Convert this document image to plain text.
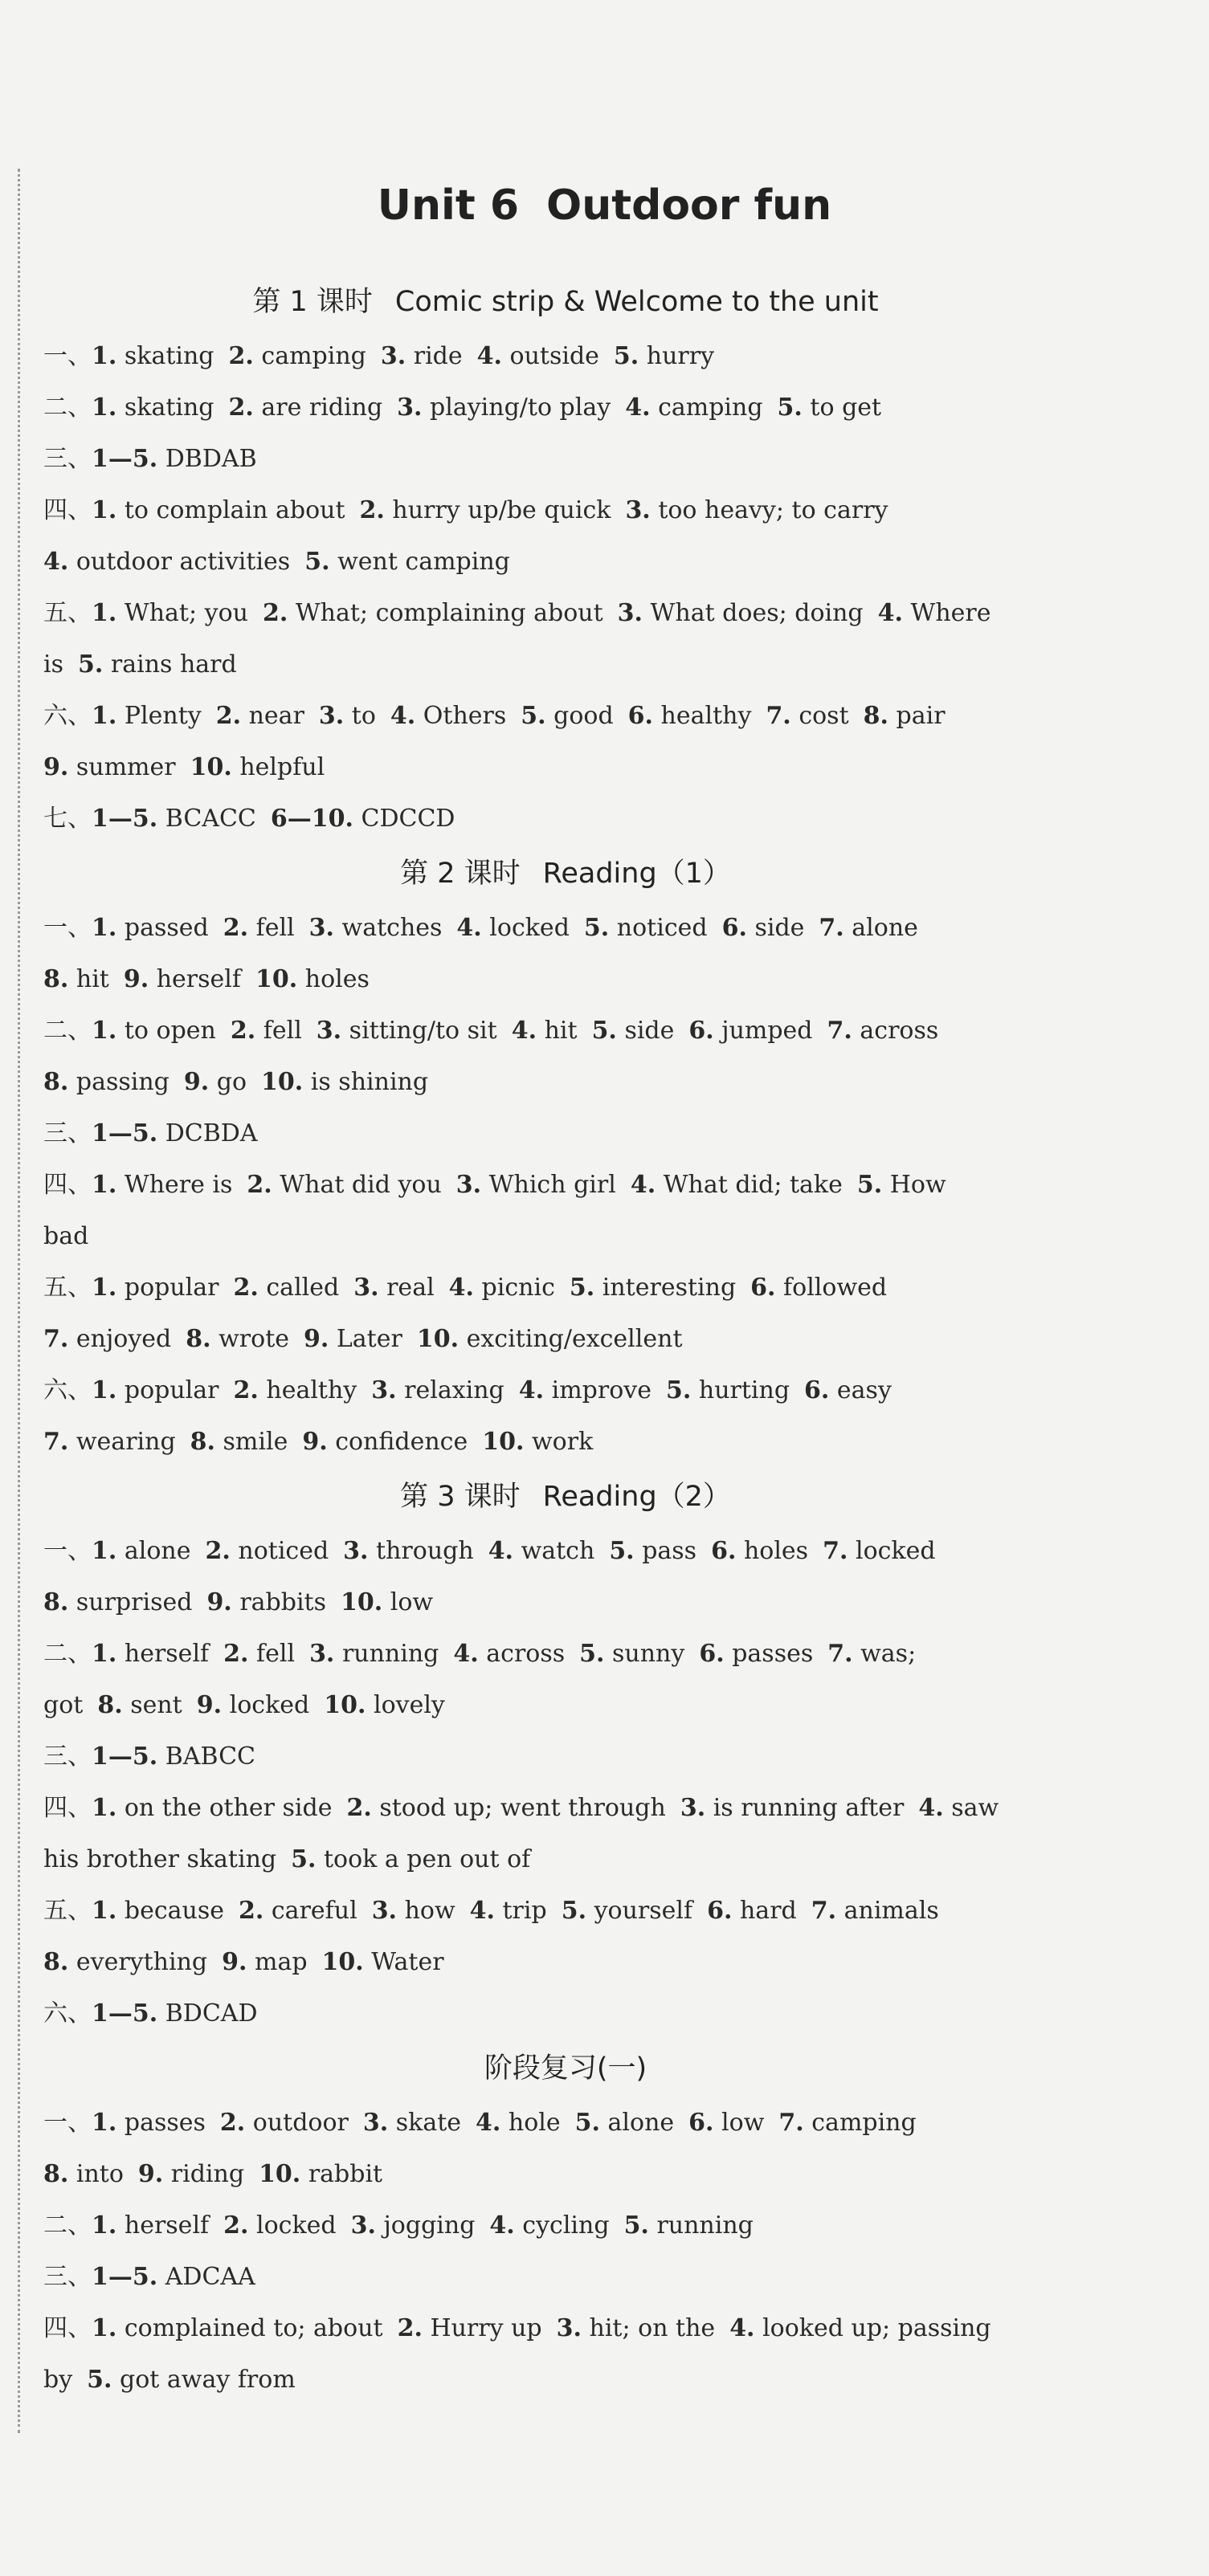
Unit 6 Outdoor fun
第 1 课时 Comic strip & Welcome to the unit
一、1. skating 2. camping 3. ride 4. outside 5. hurry
二、1. skating 2. are riding 3. playing/to play 4. camping 5. to get
三、1—5. DBDAB
四、1. to complain about 2. hurry up/be quick 3. too heavy; to carry
4. outdoor activities 5. went camping
五、1. What; you 2. What; complaining about 3. What does; doing 4. Where
is 5. rains hard
六、1. Plenty 2. near 3. to 4. Others 5. good 6. healthy 7. cost 8. pair
9. summer 10. helpful
七、1—5. BCACC 6—10. CDCCD
第 2 课时 Reading（1）
一、1. passed 2. fell 3. watches 4. locked 5. noticed 6. side 7. alone
8. hit 9. herself 10. holes
二、1. to open 2. fell 3. sitting/to sit 4. hit 5. side 6. jumped 7. across
8. passing 9. go 10. is shining
三、1—5. DCBDA
四、1. Where is 2. What did you 3. Which girl 4. What did; take 5. How
bad
五、1. popular 2. called 3. real 4. picnic 5. interesting 6. followed
7. enjoyed 8. wrote 9. Later 10. exciting/excellent
六、1. popular 2. healthy 3. relaxing 4. improve 5. hurting 6. easy
7. wearing 8. smile 9. confidence 10. work
第 3 课时 Reading（2）
一、1. alone 2. noticed 3. through 4. watch 5. pass 6. holes 7. locked
8. surprised 9. rabbits 10. low
二、1. herself 2. fell 3. running 4. across 5. sunny 6. passes 7. was;
got 8. sent 9. locked 10. lovely
三、1—5. BABCC
四、1. on the other side 2. stood up; went through 3. is running after 4. saw
his brother skating 5. took a pen out of
五、1. because 2. careful 3. how 4. trip 5. yourself 6. hard 7. animals
8. everything 9. map 10. Water
六、1—5. BDCAD
阶段复习(一)
一、1. passes 2. outdoor 3. skate 4. hole 5. alone 6. low 7. camping
8. into 9. riding 10. rabbit
二、1. herself 2. locked 3. jogging 4. cycling 5. running
三、1—5. ADCAA
四、1. complained to; about 2. Hurry up 3. hit; on the 4. looked up; passing
by 5. got away from
